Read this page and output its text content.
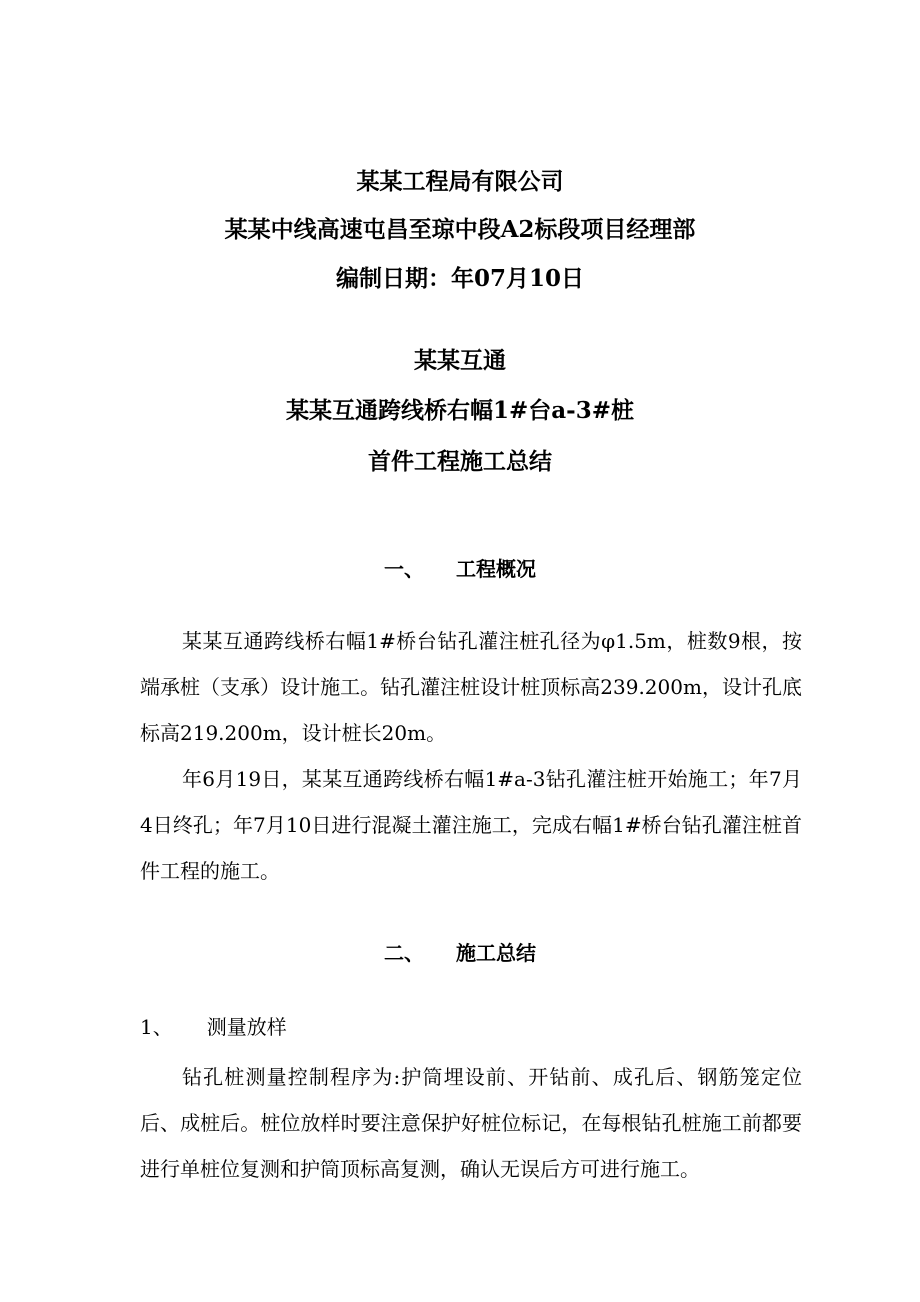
某某工程局有限公司
某某中线高速屯昌至琼中段A2标段项目经理部
编制日期：年07月10日
某某互通
某某互通跨线桥右幅1#台a-3#桩
首件工程施工总结
一、 工程概况
某某互通跨线桥右幅1#桥台钻孔灌注桩孔径为φ1.5m，桩数9根，按端承桩（支承）设计施工。钻孔灌注桩设计桩顶标高239.200m，设计孔底标高219.200m，设计桩长20m。
年6月19日，某某互通跨线桥右幅1#a-3钻孔灌注桩开始施工；年7月4日终孔；年7月10日进行混凝土灌注施工，完成右幅1#桥台钻孔灌注桩首件工程的施工。
二、 施工总结
1、 测量放样
钻孔桩测量控制程序为:护筒埋设前、开钻前、成孔后、钢筋笼定位后、成桩后。桩位放样时要注意保护好桩位标记，在每根钻孔桩施工前都要进行单桩位复测和护筒顶标高复测，确认无误后方可进行施工。
